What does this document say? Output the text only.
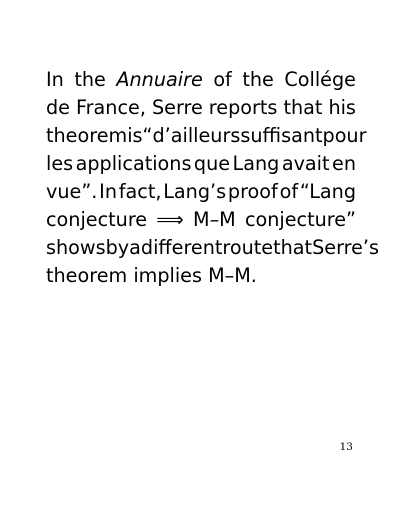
In the Annuaire of the Collége
de France, Serre reports that his
theorem is “d’ailleurs suffisant pour
les applications que Lang avait en
vue”. In fact, Lang’s proof of “Lang
conjecture ⟹ M–M conjecture”
shows by a different route that Serre’s
theorem
implies
M–M.
13
